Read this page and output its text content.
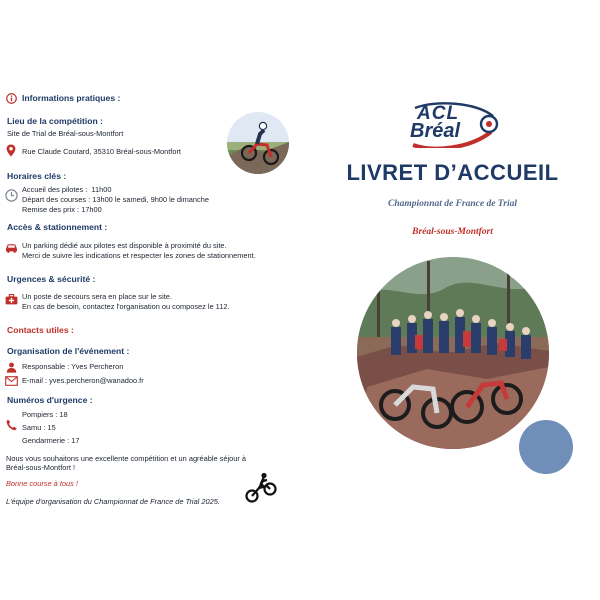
Informations pratiques :
Lieu de la compétition :
Site de Trial de Bréal-sous-Montfort
Rue Claude Coutard, 35310 Bréal-sous-Montfort
Horaires clés :
Accueil des pilotes :  11h00
Départ des courses : 13h00 le samedi, 9h00 le dimanche
Remise des prix : 17h00
Accès & stationnement :
Un parking dédié aux pilotes est disponible à proximité du site.
Merci de suivre les indications et respecter les zones de stationnement.
Urgences & sécurité :
Un poste de secours sera en place sur le site.
En cas de besoin, contactez l'organisation ou composez le 112.
Contacts utiles :
Organisation de l'événement :
Responsable : Yves Percheron
E-mail : yves.percheron@wanadoo.fr
Numéros d'urgence :
Pompiers : 18
Samu : 15
Gendarmerie : 17
Nous vous souhaitons une excellente compétition et un agréable séjour à
Bréal-sous-Montfort !
Bonne course à tous !
L'équipe d'organisation du Championnat de France de Trial 2025.
ACL
Bréal
LIVRET D’ACCUEIL
Championnat de France de Trial
Bréal-sous-Montfort
